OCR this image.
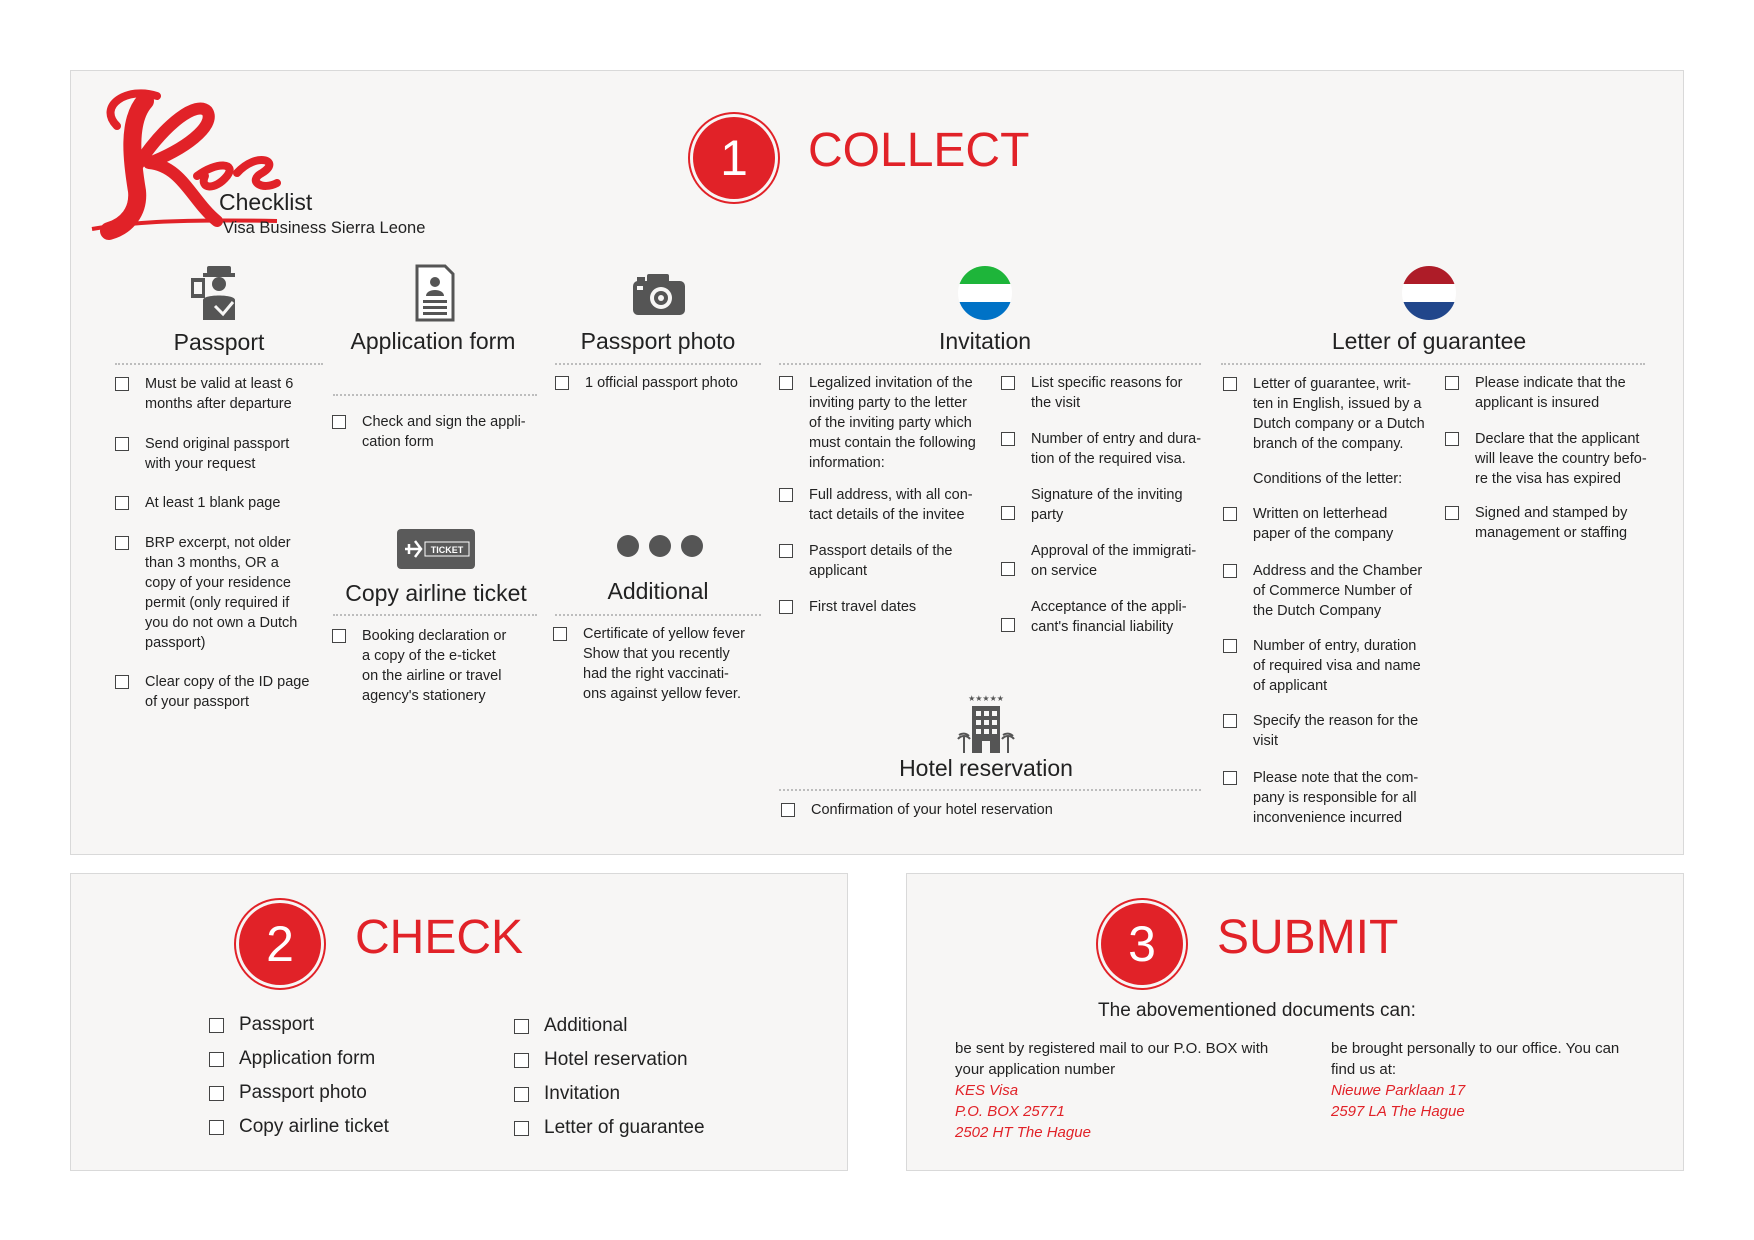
Checklist
Visa Business Sierra Leone
1	COLLECT
Passport
Must be valid at least 6
months after departure
Send original passport
with your request
At least 1 blank page
BRP excerpt, not older
than 3 months, OR a
copy of your residence
permit (only required if
you do not own a Dutch
passport)
Clear copy of the ID page
of your passport
Application form
Check and sign the appli-
cation form
TICKET
Copy airline ticket
Booking declaration or
a copy of the e-ticket
on the airline or travel
agency's stationery
Passport photo
1 official passport photo
Additional
Certificate of yellow fever
Show that you recently
had the right vaccinati-
ons against yellow fever.
Invitation
Legalized invitation of the
inviting party to the letter
of the inviting party which
must contain the following
information:
Full address, with all con-
tact details of the invitee
Passport details of the
applicant
First travel dates
List specific reasons for
the visit
Number of entry and dura-
tion of the required visa.
Signature of the inviting
party
Approval of the immigrati-
on service
Acceptance of the appli-
cant's financial liability
★★★★★
Hotel reservation
Confirmation of your hotel reservation
Letter of guarantee
Letter of guarantee, writ-
ten in English, issued by a
Dutch company or a Dutch
branch of the company.
Conditions of the letter:
Written on letterhead
paper of the company
Address and the Chamber
of Commerce Number of
the Dutch Company
Number of entry, duration
of required visa and name
of applicant
Specify the reason for the
visit
Please note that the com-
pany is responsible for all
inconvenience incurred
Please indicate that the
applicant is insured
Declare that the applicant
will leave the country befo-
re the visa has expired
Signed and stamped by
management or staffing
2	CHECK
Passport
Application form
Passport photo
Copy airline ticket
Additional
Hotel reservation
Invitation
Letter of guarantee
3	SUBMIT
The abovementioned documents can:
be sent by registered mail to our P.O. BOX with
your application number
KES Visa
P.O. BOX 25771
2502 HT The Hague
be brought personally to our office. You can
find us at:
Nieuwe Parklaan 17
2597 LA The Hague
